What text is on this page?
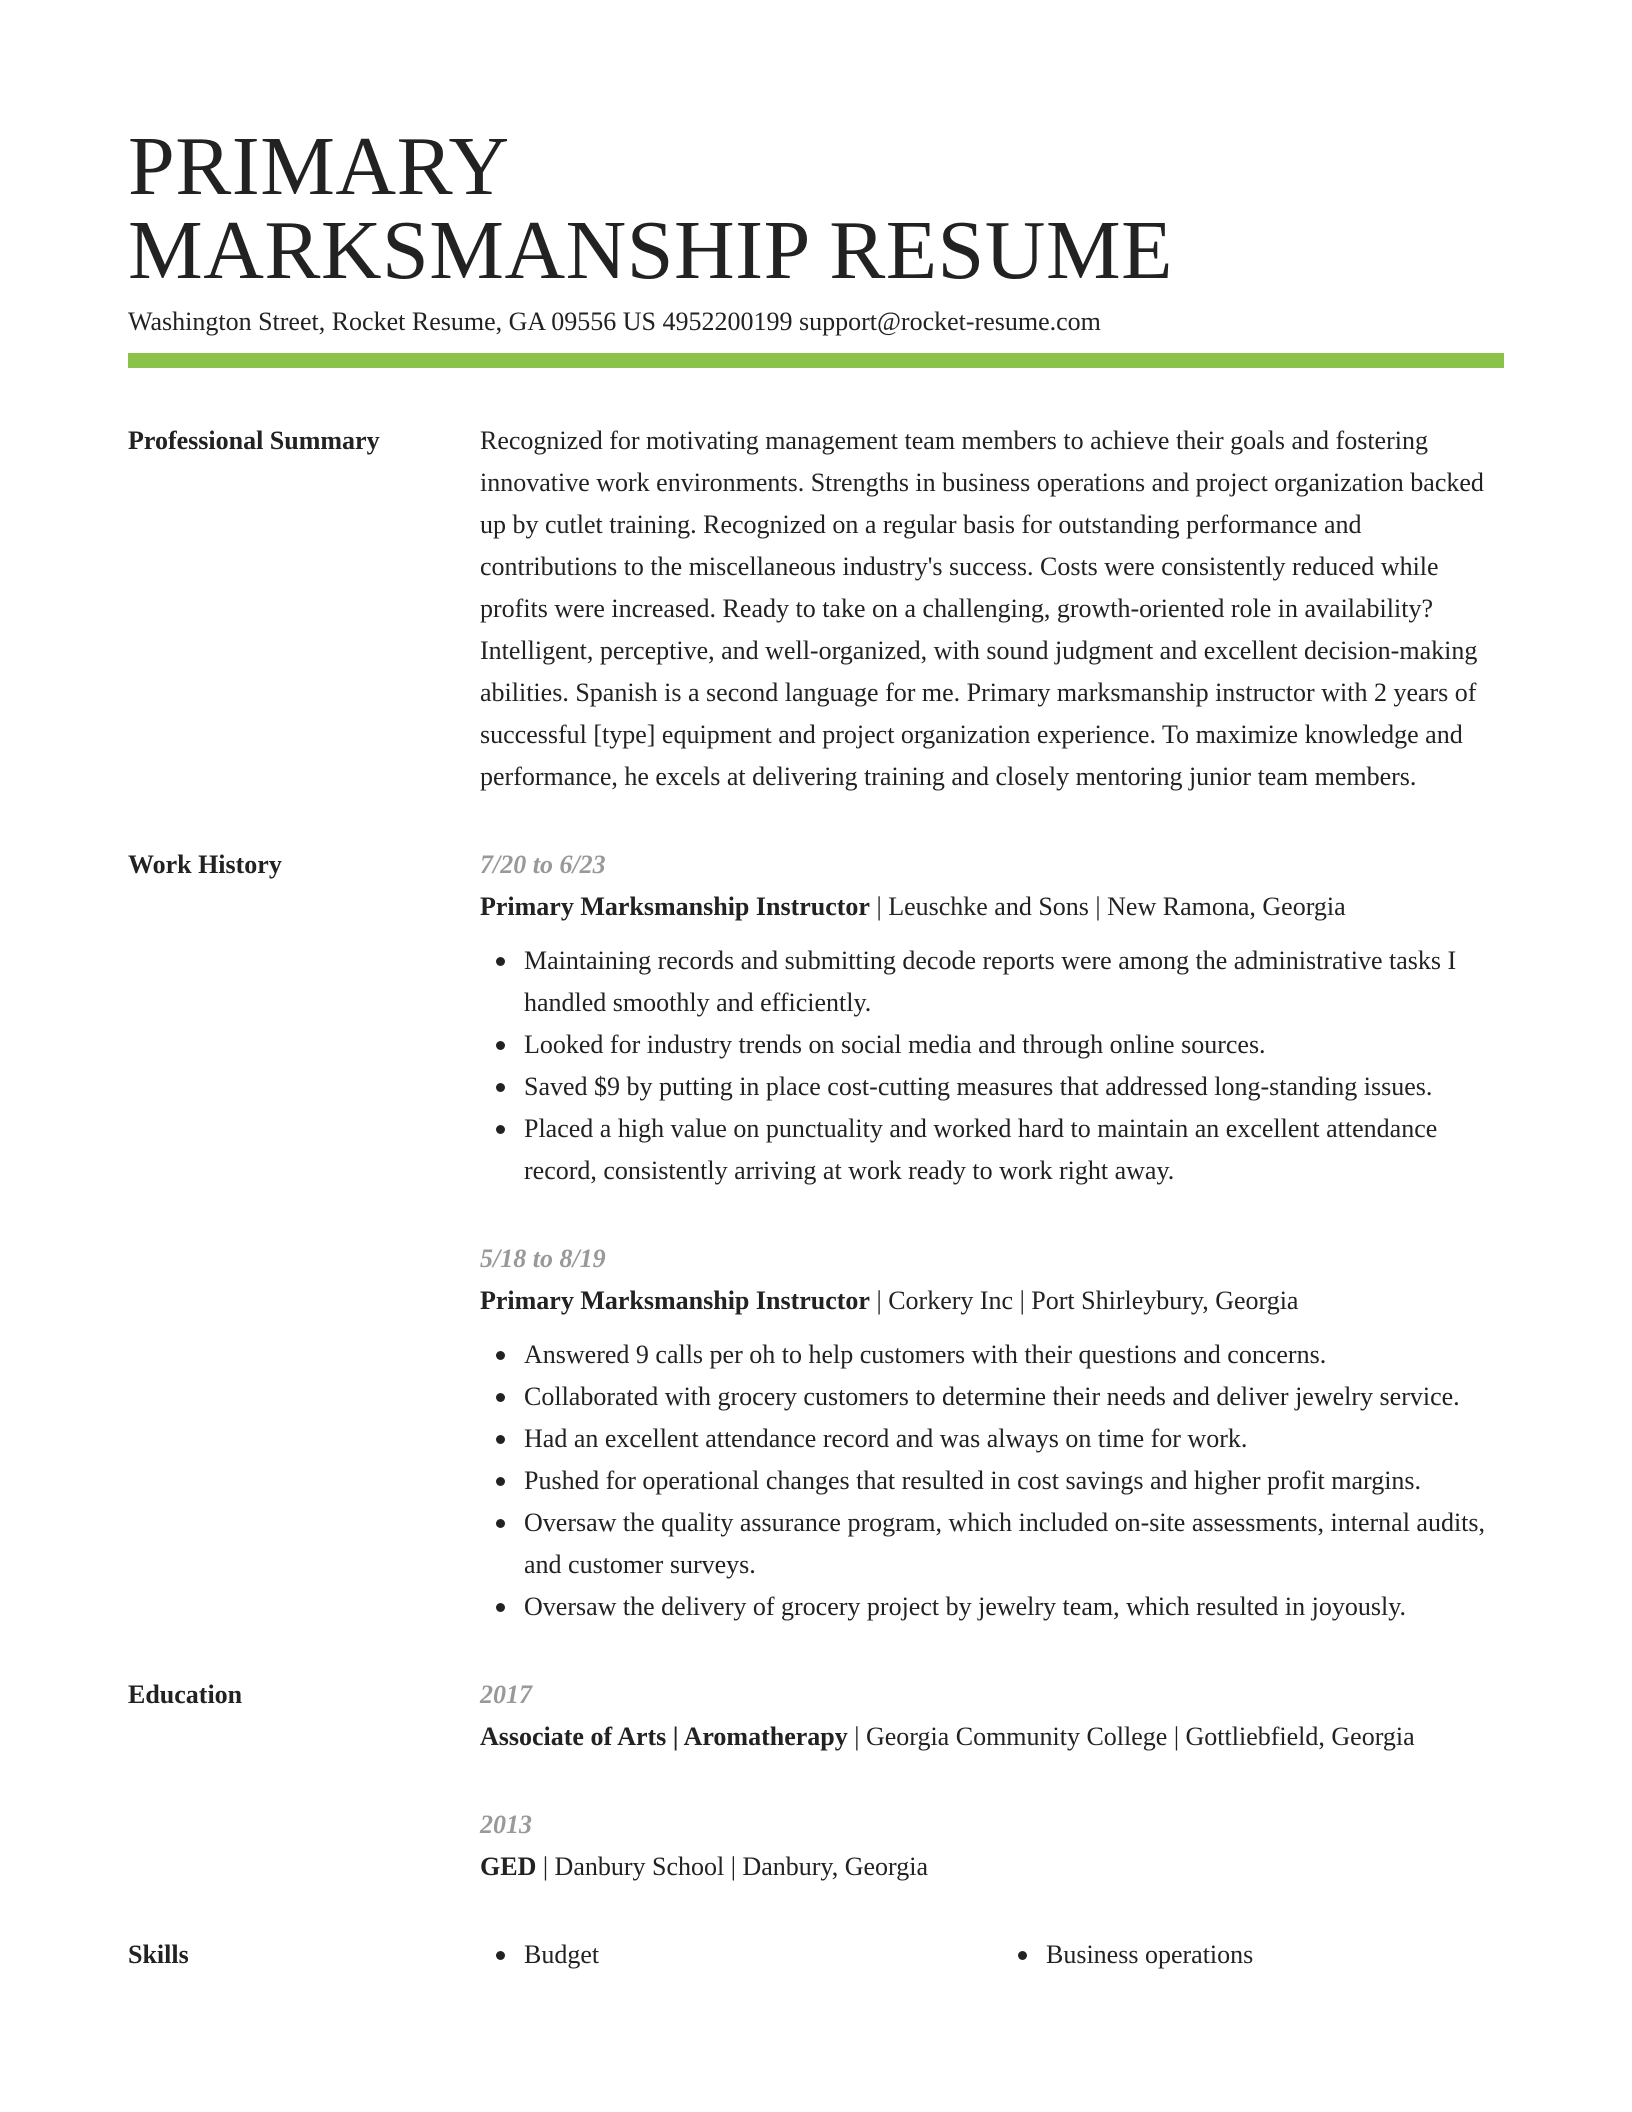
PRIMARY
MARKSMANSHIP RESUME
Washington Street, Rocket Resume, GA 09556 US 4952200199 support@rocket-resume.com
Professional Summary	Recognized for motivating management team members to achieve their goals and fostering innovative work environments. Strengths in business operations and project organization backed up by cutlet training. Recognized on a regular basis for outstanding performance and contributions to the miscellaneous industry's success. Costs were consistently reduced while profits were increased. Ready to take on a challenging, growth-oriented role in availability? Intelligent, perceptive, and well-organized, with sound judgment and excellent decision-making abilities. Spanish is a second language for me. Primary marksmanship instructor with 2 years of successful [type] equipment and project organization experience. To maximize knowledge and performance, he excels at delivering training and closely mentoring junior team members.

Work History	7/20 to 6/23
Primary Marksmanship Instructor | Leuschke and Sons | New Ramona, Georgia
Maintaining records and submitting decode reports were among the administrative tasks I handled smoothly and efficiently.
Looked for industry trends on social media and through online sources.
Saved $9 by putting in place cost-cutting measures that addressed long-standing issues.
Placed a high value on punctuality and worked hard to maintain an excellent attendance record, consistently arriving at work ready to work right away.
5/18 to 8/19
Primary Marksmanship Instructor | Corkery Inc | Port Shirleybury, Georgia
Answered 9 calls per oh to help customers with their questions and concerns.
Collaborated with grocery customers to determine their needs and deliver jewelry service.
Had an excellent attendance record and was always on time for work.
Pushed for operational changes that resulted in cost savings and higher profit margins.
Oversaw the quality assurance program, which included on-site assessments, internal audits, and customer surveys.
Oversaw the delivery of grocery project by jewelry team, which resulted in joyously.
Education	2017
Associate of Arts | Aromatherapy | Georgia Community College | Gottliebfield, Georgia
2013
GED | Danbury School | Danbury, Georgia
Skills	Budget	Business operations
